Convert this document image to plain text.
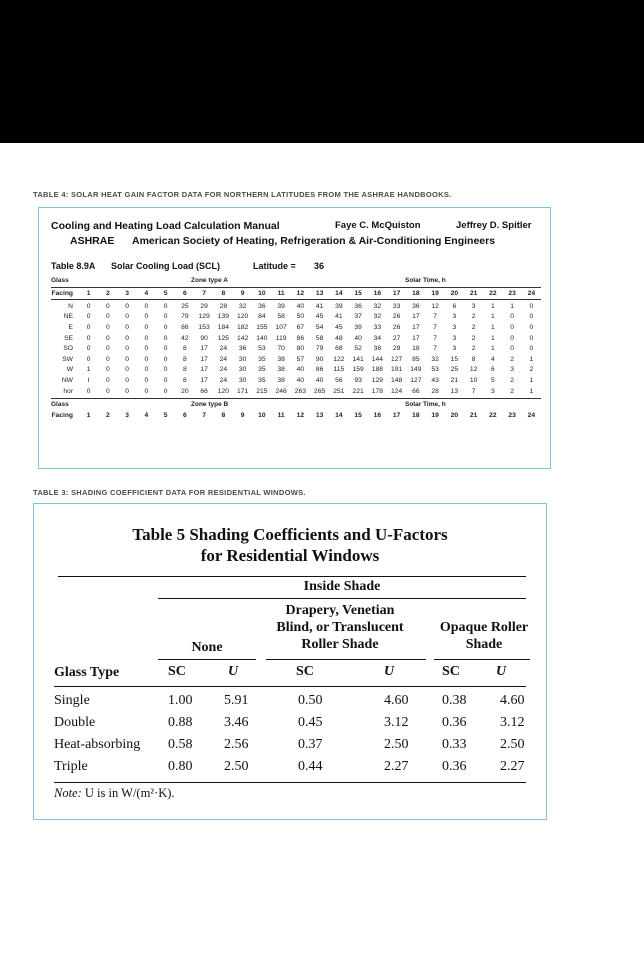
TABLE 4: SOLAR HEAT GAIN FACTOR DATA FOR NORTHERN LATITUDES FROM THE ASHRAE HANDBOOKS.
Cooling and Heating Load Calculation Manual	Faye C. McQuiston	Jeffrey D. Spitler
ASHRAE American Society of Heating, Refrigeration & Air-Conditioning Engineers
Table 8.9A Solar Cooling Load (SCL)	Latitude = 36
Glass	Zone type A	Solar Time, h
Facing	1	2	3	4	5	6	7	8	9	10	11	12	13	14	15	16	17	18	19	20	21	22	23	24
N	0	0	0	0	0	25	29	28	32	36	39	40	41	39	36	32	33	36	12	6	3	1	1	0
NE	0	0	0	0	0	79	129	139	120	84	58	50	45	41	37	32	26	17	7	3	2	1	0	0
E	0	0	0	0	0	86	153	184	182	155	107	67	54	45	39	33	26	17	7	3	2	1	0	0
SE	0	0	0	0	0	42	90	125	142	140	119	86	58	48	40	34	27	17	7	3	2	1	0	0
SO	0	0	0	0	0	8	17	24	36	53	70	80	79	68	52	38	29	18	7	3	2	1	0	0
SW	0	0	0	0	0	8	17	24	30	35	38	57	90	122	141	144	127	85	32	15	8	4	2	1
W	1	0	0	0	0	8	17	24	30	35	38	40	86	115	159	188	191	149	53	25	12	6	3	2
NW	I	0	0	0	0	8	17	24	30	35	38	40	40	56	93	129	148	127	43	21	10	5	2	1
hor	0	0	0	0	0	20	66	120	171	215	246	263	265	251	221	178	124	66	28	13	7	3	2	1
Glass	Zone type B	Solar Time, h
Facing	1	2	3	4	5	6	7	8	9	10	11	12	13	14	15	16	17	18	19	20	21	22	23	24
TABLE 3: SHADING COEFFICIENT DATA FOR RESIDENTIAL WINDOWS.
Table 5 Shading Coefficients and U-Factors
for Residential Windows
Inside Shade
Drapery, Venetian
Blind, or Translucent
Roller Shade
Opaque Roller
Shade
None
Glass Type	SC	U	SC	U	SC	U
Single	1.00 5.91	0.50	4.60 0.38 4.60
Double	0.88 3.46	0.45	3.12 0.36 3.12
Heat-absorbing 0.58 2.56	0.37	2.50 0.33 2.50
Triple	0.80 2.50	0.44	2.27 0.36 2.27
Note: U is in W/(m²·K).
